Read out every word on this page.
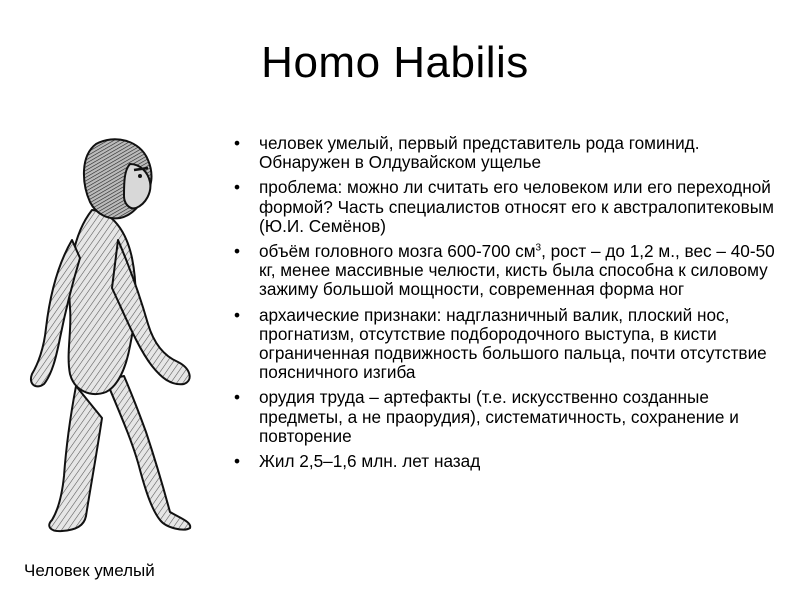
Homo Habilis
Человек умелый
• человек умелый, первый представитель рода гоминид. Обнаружен в Олдувайском ущелье
• проблема: можно ли считать его человеком или его переходной формой? Часть специалистов относят его к австралопитековым (Ю.И. Семёнов)
• объём головного мозга 600-700 $см^3$, рост – до 1,2 м., вес – 40-50 кг, менее массивные челюсти, кисть была способна к силовому зажиму большой мощности, современная форма ног
• архаические признаки: надглазничный валик, плоский нос, прогнатизм, отсутствие подбородочного выступа, в кисти ограниченная подвижность большого пальца, почти отсутствие поясничного изгиба
• орудия труда – артефакты (т.е. искусственно созданные предметы, а не праорудия), систематичность, сохранение и повторение
• Жил 2,5–1,6 млн. лет назад
